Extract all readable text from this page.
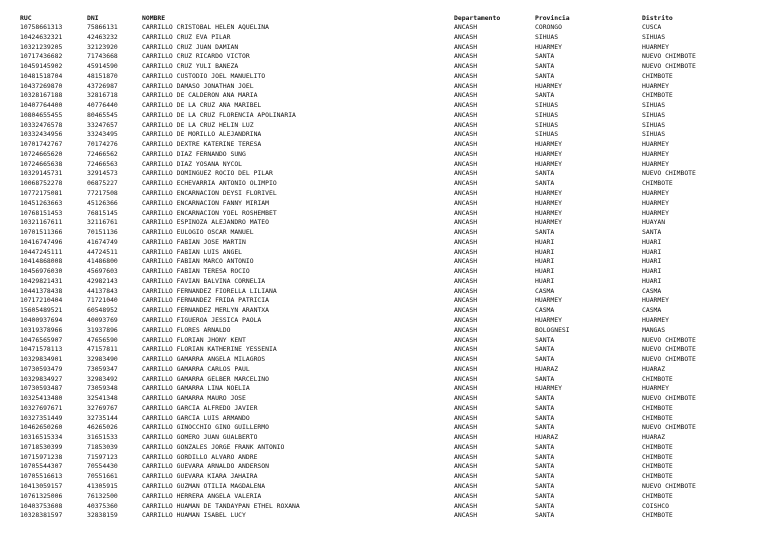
RUC	DNI	NOMBRE	Departamento	Provincia	Distrito
10758661313	75866131	CARRILLO CRISTOBAL HELEN AQUELINA	ANCASH	CORONGO	CUSCA
10424632321	42463232	CARRILLO CRUZ EVA PILAR	ANCASH	SIHUAS	SIHUAS
10321239205	32123920	CARRILLO CRUZ JUAN DAMIAN	ANCASH	HUARMEY	HUARMEY
10717436682	71743668	CARRILLO CRUZ RICARDO VICTOR	ANCASH	SANTA	NUEVO CHIMBOTE
10459145902	45914590	CARRILLO CRUZ YULI BANEZA	ANCASH	SANTA	NUEVO CHIMBOTE
10481518704	48151870	CARRILLO CUSTODIO JOEL MANUELITO	ANCASH	SANTA	CHIMBOTE
10437269870	43726987	CARRILLO DAMASO JONATHAN JOEL	ANCASH	HUARMEY	HUARMEY
10328167188	32816718	CARRILLO DE CALDERON ANA MARIA	ANCASH	SANTA	CHIMBOTE
10407764400	40776440	CARRILLO DE LA CRUZ ANA MARIBEL	ANCASH	SIHUAS	SIHUAS
10804655455	80465545	CARRILLO DE LA CRUZ FLORENCIA APOLINARIA	ANCASH	SIHUAS	SIHUAS
10332476578	33247657	CARRILLO DE LA CRUZ HELIN LUZ	ANCASH	SIHUAS	SIHUAS
10332434956	33243495	CARRILLO DE MORILLO ALEJANDRINA	ANCASH	SIHUAS	SIHUAS
10701742767	70174276	CARRILLO DEXTRE KATERINE TERESA	ANCASH	HUARMEY	HUARMEY
10724665620	72466562	CARRILLO DIAZ FERNANDO SUNG	ANCASH	HUARMEY	HUARMEY
10724665638	72466563	CARRILLO DIAZ YOSANA NYCOL	ANCASH	HUARMEY	HUARMEY
10329145731	32914573	CARRILLO DOMINGUEZ ROCIO DEL PILAR	ANCASH	SANTA	NUEVO CHIMBOTE
10068752278	06875227	CARRILLO ECHEVARRIA ANTONIO OLIMPIO	ANCASH	SANTA	CHIMBOTE
10772175081	77217508	CARRILLO ENCARNACION DEYSI FLORIVEL	ANCASH	HUARMEY	HUARMEY
10451263663	45126366	CARRILLO ENCARNACION FANNY MIRIAM	ANCASH	HUARMEY	HUARMEY
10768151453	76815145	CARRILLO ENCARNACION YOEL ROSHEMBET	ANCASH	HUARMEY	HUARMEY
10321167611	32116761	CARRILLO ESPINOZA ALEJANDRO MATEO	ANCASH	HUARMEY	HUAYAN
10701511366	70151136	CARRILLO EULOGIO OSCAR MANUEL	ANCASH	SANTA	SANTA
10416747496	41674749	CARRILLO FABIAN JOSE MARTIN	ANCASH	HUARI	HUARI
10447245111	44724511	CARRILLO FABIAN LUIS ANGEL	ANCASH	HUARI	HUARI
10414868008	41486800	CARRILLO FABIAN MARCO ANTONIO	ANCASH	HUARI	HUARI
10456976030	45697603	CARRILLO FABIAN TERESA ROCIO	ANCASH	HUARI	HUARI
10429821431	42982143	CARRILLO FAVIAN BALVINA CORNELIA	ANCASH	HUARI	HUARI
10441378438	44137843	CARRILLO FERNANDEZ FIORELLA LILIANA	ANCASH	CASMA	CASMA
10717210404	71721040	CARRILLO FERNANDEZ FRIDA PATRICIA	ANCASH	HUARMEY	HUARMEY
15605489521	60548952	CARRILLO FERNANDEZ MERLYN ARANTXA	ANCASH	CASMA	CASMA
10400937694	40093769	CARRILLO FIGUEROA JESSICA PAOLA	ANCASH	HUARMEY	HUARMEY
10319378966	31937896	CARRILLO FLORES ARNALDO	ANCASH	BOLOGNESI	MANGAS
10476565907	47656590	CARRILLO FLORIAN JHONY KENT	ANCASH	SANTA	NUEVO CHIMBOTE
10471578113	47157811	CARRILLO FLORIAN KATHERINE YESSENIA	ANCASH	SANTA	NUEVO CHIMBOTE
10329834901	32983490	CARRILLO GAMARRA ANGELA MILAGROS	ANCASH	SANTA	NUEVO CHIMBOTE
10730593479	73059347	CARRILLO GAMARRA CARLOS PAUL	ANCASH	HUARAZ	HUARAZ
10329834927	32983492	CARRILLO GAMARRA GELBER MARCELINO	ANCASH	SANTA	CHIMBOTE
10730593487	73059348	CARRILLO GAMARRA LINA NOELIA	ANCASH	HUARMEY	HUARMEY
10325413480	32541348	CARRILLO GAMARRA MAURO JOSE	ANCASH	SANTA	NUEVO CHIMBOTE
10327697671	32769767	CARRILLO GARCIA ALFREDO JAVIER	ANCASH	SANTA	CHIMBOTE
10327351449	32735144	CARRILLO GARCIA LUIS ARMANDO	ANCASH	SANTA	CHIMBOTE
10462650260	46265026	CARRILLO GINOCCHIO GINO GUILLERMO	ANCASH	SANTA	NUEVO CHIMBOTE
10316515334	31651533	CARRILLO GOMERO JUAN GUALBERTO	ANCASH	HUARAZ	HUARAZ
10718530399	71853039	CARRILLO GONZALES JORGE FRANK ANTONIO	ANCASH	SANTA	CHIMBOTE
10715971238	71597123	CARRILLO GORDILLO ALVARO ANDRE	ANCASH	SANTA	CHIMBOTE
10705544307	70554430	CARRILLO GUEVARA ARNALDO ANDERSON	ANCASH	SANTA	CHIMBOTE
10705516613	70551661	CARRILLO GUEVARA KIARA JAHAIRA	ANCASH	SANTA	CHIMBOTE
10413059157	41305915	CARRILLO GUZMAN OTILIA MAGDALENA	ANCASH	SANTA	NUEVO CHIMBOTE
10761325006	76132500	CARRILLO HERRERA ANGELA VALERIA	ANCASH	SANTA	CHIMBOTE
10403753608	40375360	CARRILLO HUAMAN DE TANDAYPAN ETHEL ROXANA	ANCASH	SANTA	COISHCO
10328381597	32838159	CARRILLO HUAMAN ISABEL LUCY	ANCASH	SANTA	CHIMBOTE
